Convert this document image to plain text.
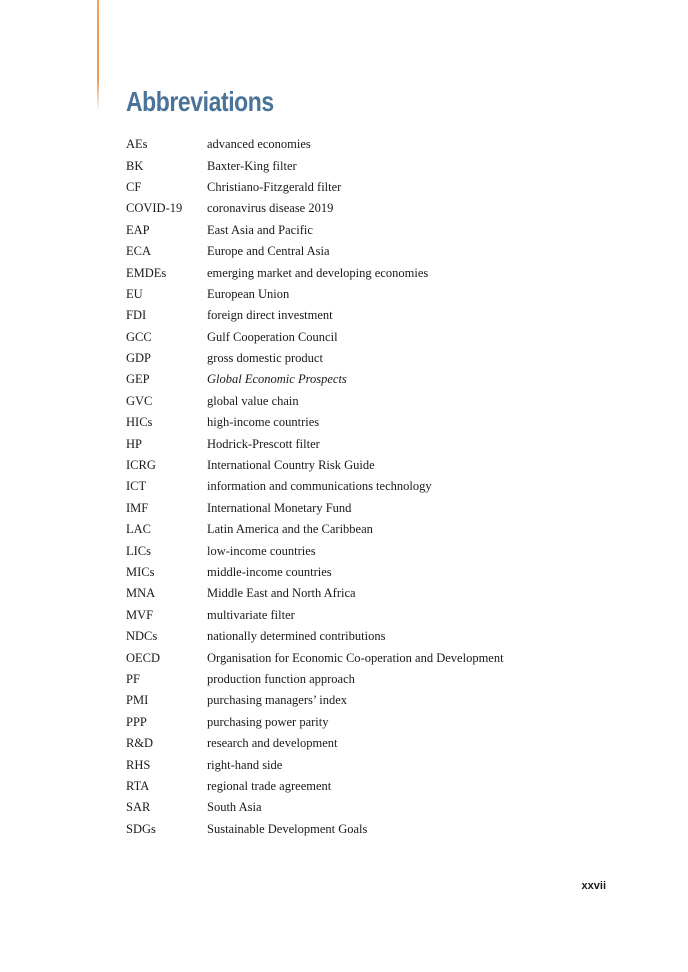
Abbreviations
AEs	advanced economies
BK	Baxter-King filter
CF	Christiano-Fitzgerald filter
COVID-19	coronavirus disease 2019
EAP	East Asia and Pacific
ECA	Europe and Central Asia
EMDEs	emerging market and developing economies
EU	European Union
FDI	foreign direct investment
GCC	Gulf Cooperation Council
GDP	gross domestic product
GEP	Global Economic Prospects
GVC	global value chain
HICs	high-income countries
HP	Hodrick-Prescott filter
ICRG	International Country Risk Guide
ICT	information and communications technology
IMF	International Monetary Fund
LAC	Latin America and the Caribbean
LICs	low-income countries
MICs	middle-income countries
MNA	Middle East and North Africa
MVF	multivariate filter
NDCs	nationally determined contributions
OECD	Organisation for Economic Co-operation and Development
PF	production function approach
PMI	purchasing managers’ index
PPP	purchasing power parity
R&D	research and development
RHS	right-hand side
RTA	regional trade agreement
SAR	South Asia
SDGs	Sustainable Development Goals
xxvii
